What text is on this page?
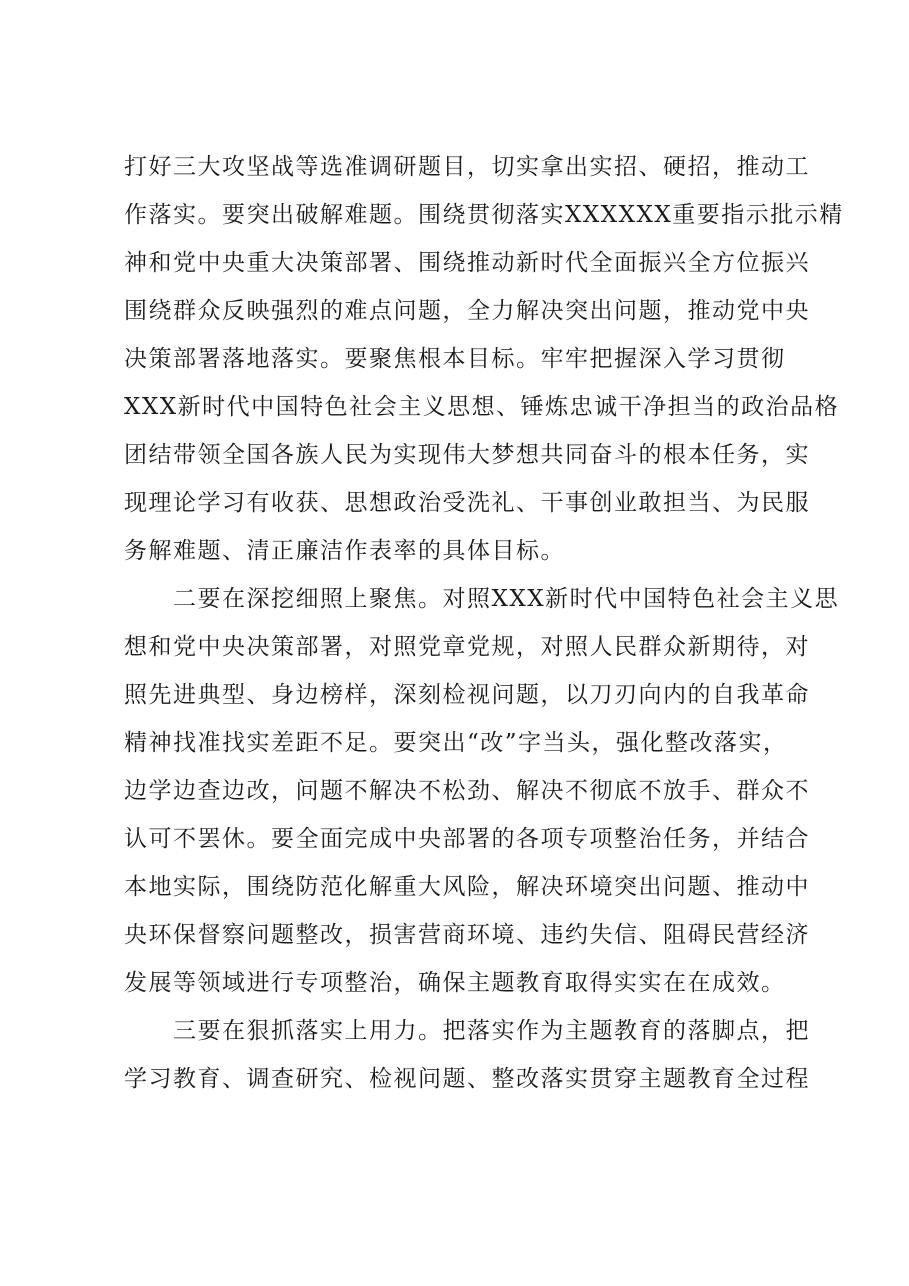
打好三大攻坚战等选准调研题目，切实拿出实招、硬招，推动工
作落实。要突出破解难题。围绕贯彻落实XXXXXX重要指示批示精
神和党中央重大决策部署、围绕推动新时代全面振兴全方位振兴
围绕群众反映强烈的难点问题，全力解决突出问题，推动党中央
决策部署落地落实。要聚焦根本目标。牢牢把握深入学习贯彻
XXX新时代中国特色社会主义思想、锤炼忠诚干净担当的政治品格
团结带领全国各族人民为实现伟大梦想共同奋斗的根本任务，实
现理论学习有收获、思想政治受洗礼、干事创业敢担当、为民服
务解难题、清正廉洁作表率的具体目标。
二要在深挖细照上聚焦。对照XXX新时代中国特色社会主义思
想和党中央决策部署，对照党章党规，对照人民群众新期待，对
照先进典型、身边榜样，深刻检视问题，以刀刃向内的自我革命
精神找准找实差距不足。要突出“改”字当头，强化整改落实，
边学边查边改，问题不解决不松劲、解决不彻底不放手、群众不
认可不罢休。要全面完成中央部署的各项专项整治任务，并结合
本地实际，围绕防范化解重大风险，解决环境突出问题、推动中
央环保督察问题整改，损害营商环境、违约失信、阻碍民营经济
发展等领域进行专项整治，确保主题教育取得实实在在成效。
三要在狠抓落实上用力。把落实作为主题教育的落脚点，把
学习教育、调查研究、检视问题、整改落实贯穿主题教育全过程
